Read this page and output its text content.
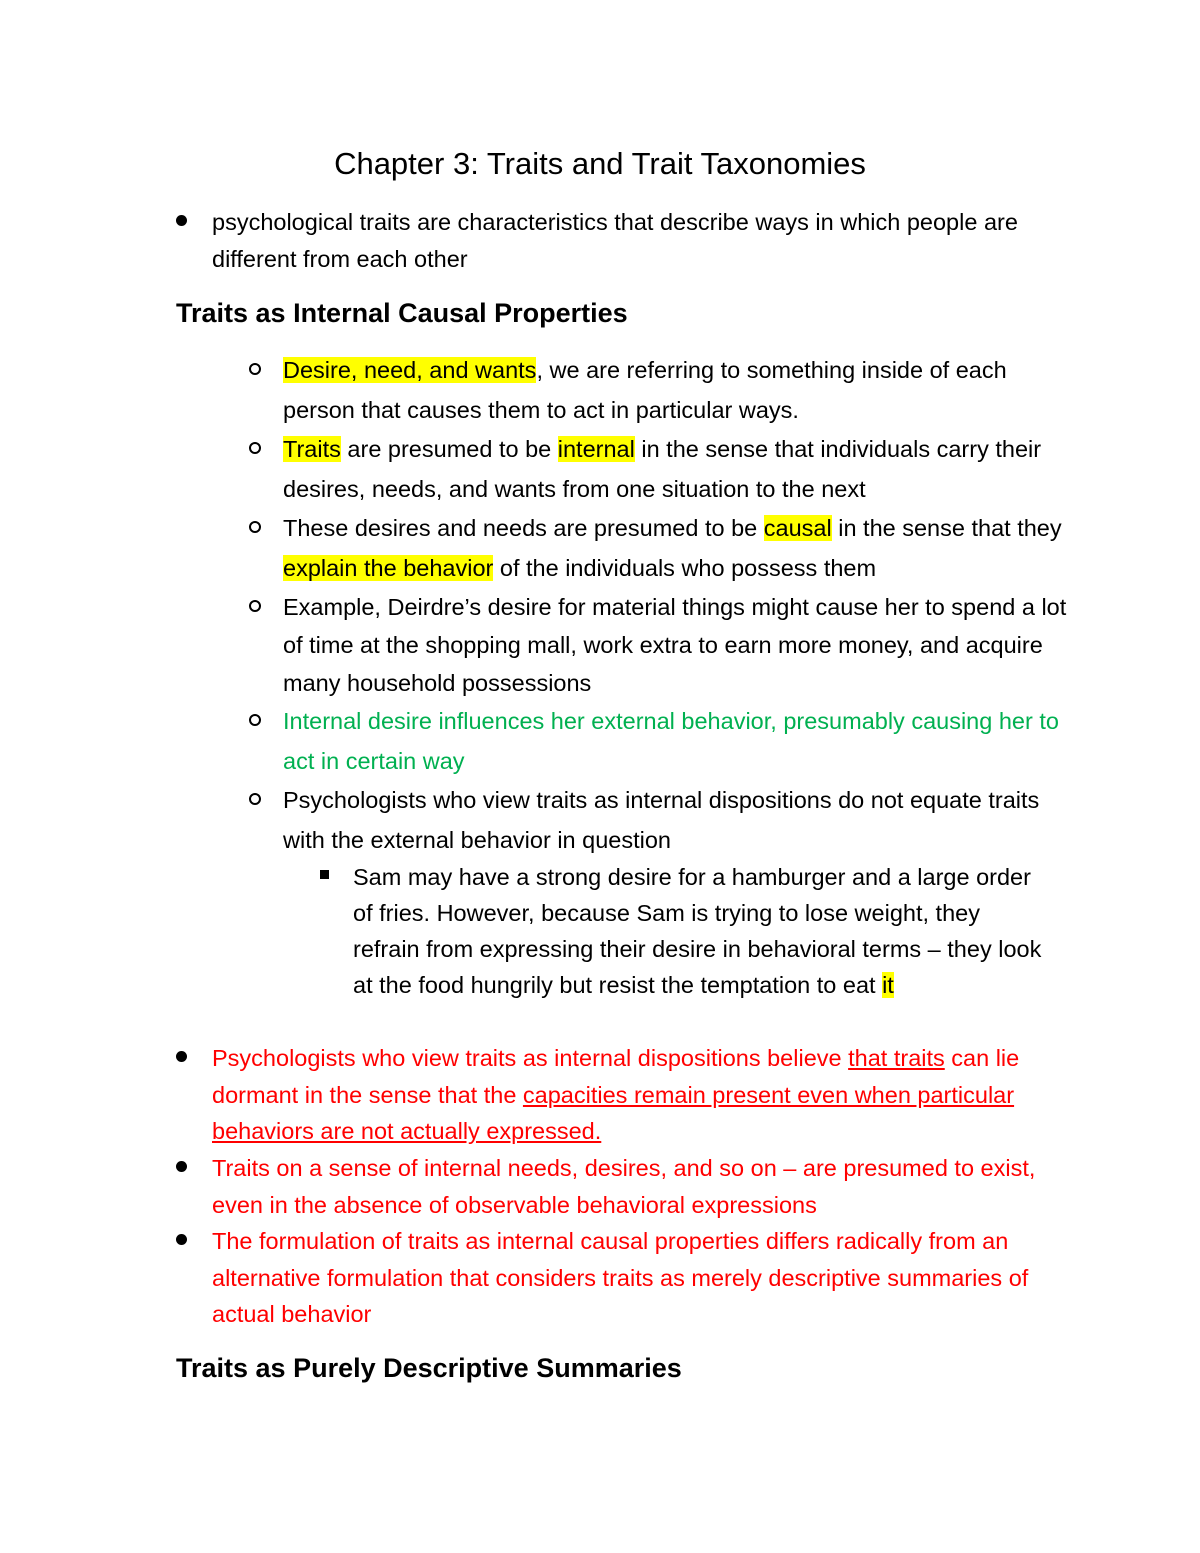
Chapter 3: Traits and Trait Taxonomies
psychological traits are characteristics that describe ways in which people are different from each other
Traits as Internal Causal Properties
Desire, need, and wants, we are referring to something inside of each person that causes them to act in particular ways.
Traits are presumed to be internal in the sense that individuals carry their desires, needs, and wants from one situation to the next
These desires and needs are presumed to be causal in the sense that they explain the behavior of the individuals who possess them
Example, Deirdre’s desire for material things might cause her to spend a lot of time at the shopping mall, work extra to earn more money, and acquire many household possessions
Internal desire influences her external behavior, presumably causing her to act in certain way
Psychologists who view traits as internal dispositions do not equate traits with the external behavior in question
Sam may have a strong desire for a hamburger and a large order of fries. However, because Sam is trying to lose weight, they refrain from expressing their desire in behavioral terms – they look at the food hungrily but resist the temptation to eat it
Psychologists who view traits as internal dispositions believe that traits can lie dormant in the sense that the capacities remain present even when particular behaviors are not actually expressed.
Traits on a sense of internal needs, desires, and so on – are presumed to exist, even in the absence of observable behavioral expressions
The formulation of traits as internal causal properties differs radically from an alternative formulation that considers traits as merely descriptive summaries of actual behavior
Traits as Purely Descriptive Summaries
